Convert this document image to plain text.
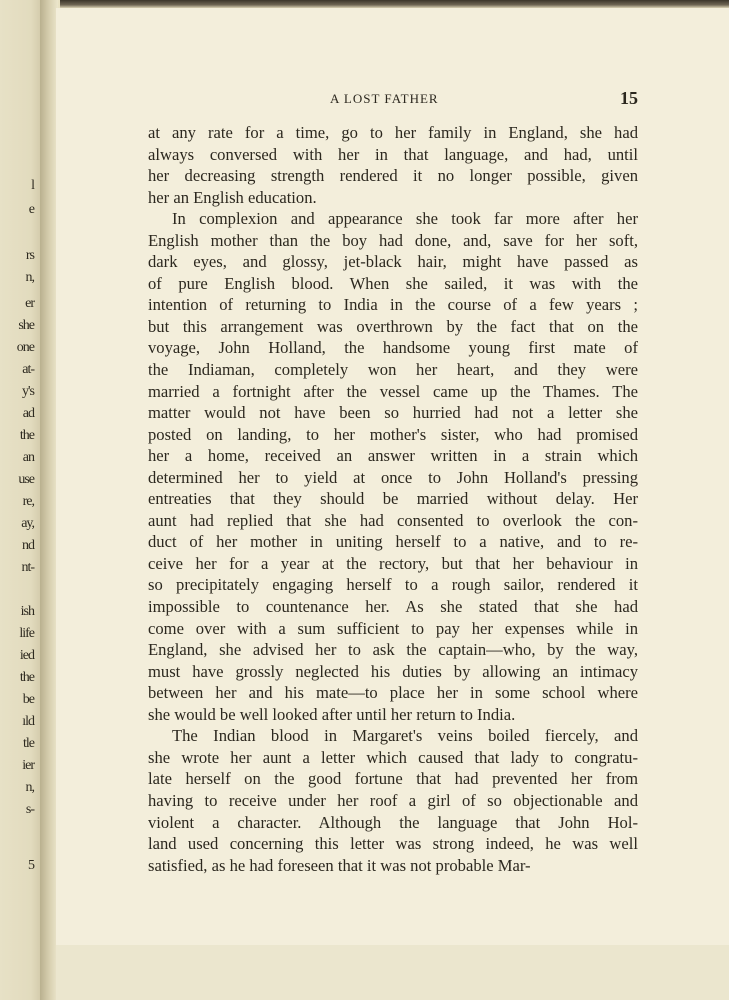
l
e
rs
n,
er
she
one
at-
y's
ad
the
an
use
re,
ay,
nd
nt-
ish
life
ied
the
be
ıld
tle
ier
n,
s-
5
A LOST FATHER	15
at any rate for a time, go to her family in England, she had
always conversed with her in that language, and had, until
her decreasing strength rendered it no longer possible, given
her an English education.
In complexion and appearance she took far more after her
English mother than the boy had done, and, save for her soft,
dark eyes, and glossy, jet-black hair, might have passed as
of pure English blood. When she sailed, it was with the
intention of returning to India in the course of a few years ;
but this arrangement was overthrown by the fact that on the
voyage, John Holland, the handsome young first mate of
the Indiaman, completely won her heart, and they were
married a fortnight after the vessel came up the Thames. The
matter would not have been so hurried had not a letter she
posted on landing, to her mother's sister, who had promised
her a home, received an answer written in a strain which
determined her to yield at once to John Holland's pressing
entreaties that they should be married without delay. Her
aunt had replied that she had consented to overlook the con-
duct of her mother in uniting herself to a native, and to re-
ceive her for a year at the rectory, but that her behaviour in
so precipitately engaging herself to a rough sailor, rendered it
impossible to countenance her. As she stated that she had
come over with a sum sufficient to pay her expenses while in
England, she advised her to ask the captain—who, by the way,
must have grossly neglected his duties by allowing an intimacy
between her and his mate—to place her in some school where
she would be well looked after until her return to India.
The Indian blood in Margaret's veins boiled fiercely, and
she wrote her aunt a letter which caused that lady to congratu-
late herself on the good fortune that had prevented her from
having to receive under her roof a girl of so objectionable and
violent a character. Although the language that John Hol-
land used concerning this letter was strong indeed, he was well
satisfied, as he had foreseen that it was not probable Mar-
